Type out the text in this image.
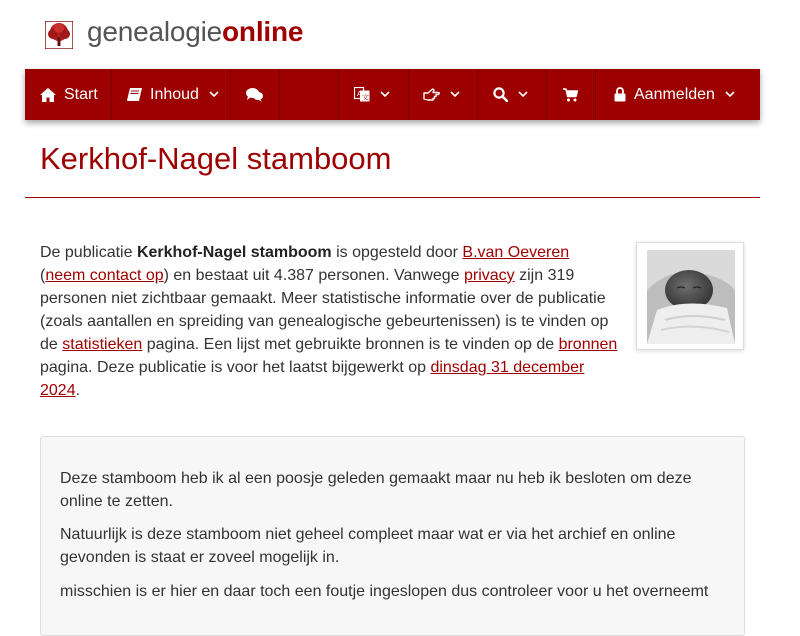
genealogieonline
Start	Inhoud	A 文	Aanmelden
Kerkhof-Nagel stamboom

De publicatie Kerkhof-Nagel stamboom is opgesteld door B.van Oeveren
(neem contact op) en bestaat uit 4.387 personen. Vanwege privacy zijn 319 personen niet zichtbaar gemaakt. Meer statistische informatie over de publicatie (zoals aantallen en spreiding van genealogische gebeurtenissen) is te vinden op de statistieken pagina. Een lijst met gebruikte bronnen is te vinden op de bronnen pagina. Deze publicatie is voor het laatst bijgewerkt op dinsdag 31 december 2024.

Deze stamboom heb ik al een poosje geleden gemaakt maar nu heb ik besloten om deze online te zetten.

Natuurlijk is deze stamboom niet geheel compleet maar wat er via het archief en online gevonden is staat er zoveel mogelijk in.

misschien is er hier en daar toch een foutje ingeslopen dus controleer voor u het overneemt
